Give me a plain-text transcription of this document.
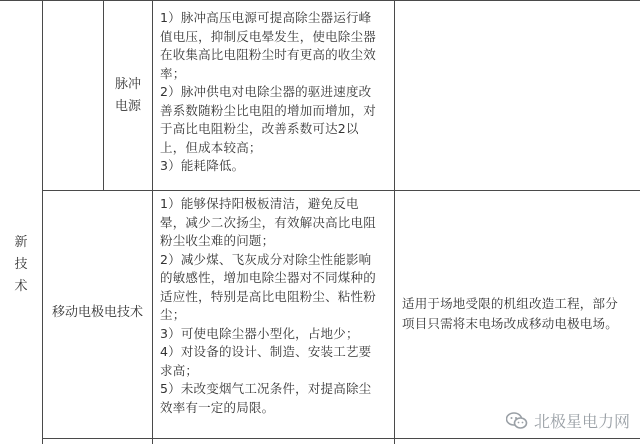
新
技
术
脉冲
电源
1）脉冲高压电源可提高除尘器运行峰
值电压，抑制反电晕发生，使电除尘器
在收集高比电阻粉尘时有更高的收尘效
率；
2）脉冲供电对电除尘器的驱进速度改
善系数随粉尘比电阻的增加而增加，对
于高比电阻粉尘，改善系数可达2以
上，但成本较高；
3）能耗降低。
移动电极电技术
1）能够保持阳极板清洁，避免反电
晕，减少二次扬尘，有效解决高比电阻
粉尘收尘难的问题；
2）减少煤、飞灰成分对除尘性能影响
的敏感性，增加电除尘器对不同煤种的
适应性，特别是高比电阻粉尘、粘性粉
尘；
3）可使电除尘器小型化，占地少；
4）对设备的设计、制造、安装工艺要
求高；
5）未改变烟气工况条件，对提高除尘
效率有一定的局限。
适用于场地受限的机组改造工程，部分
项目只需将末电场改成移动电极电场。
北极星电力网
